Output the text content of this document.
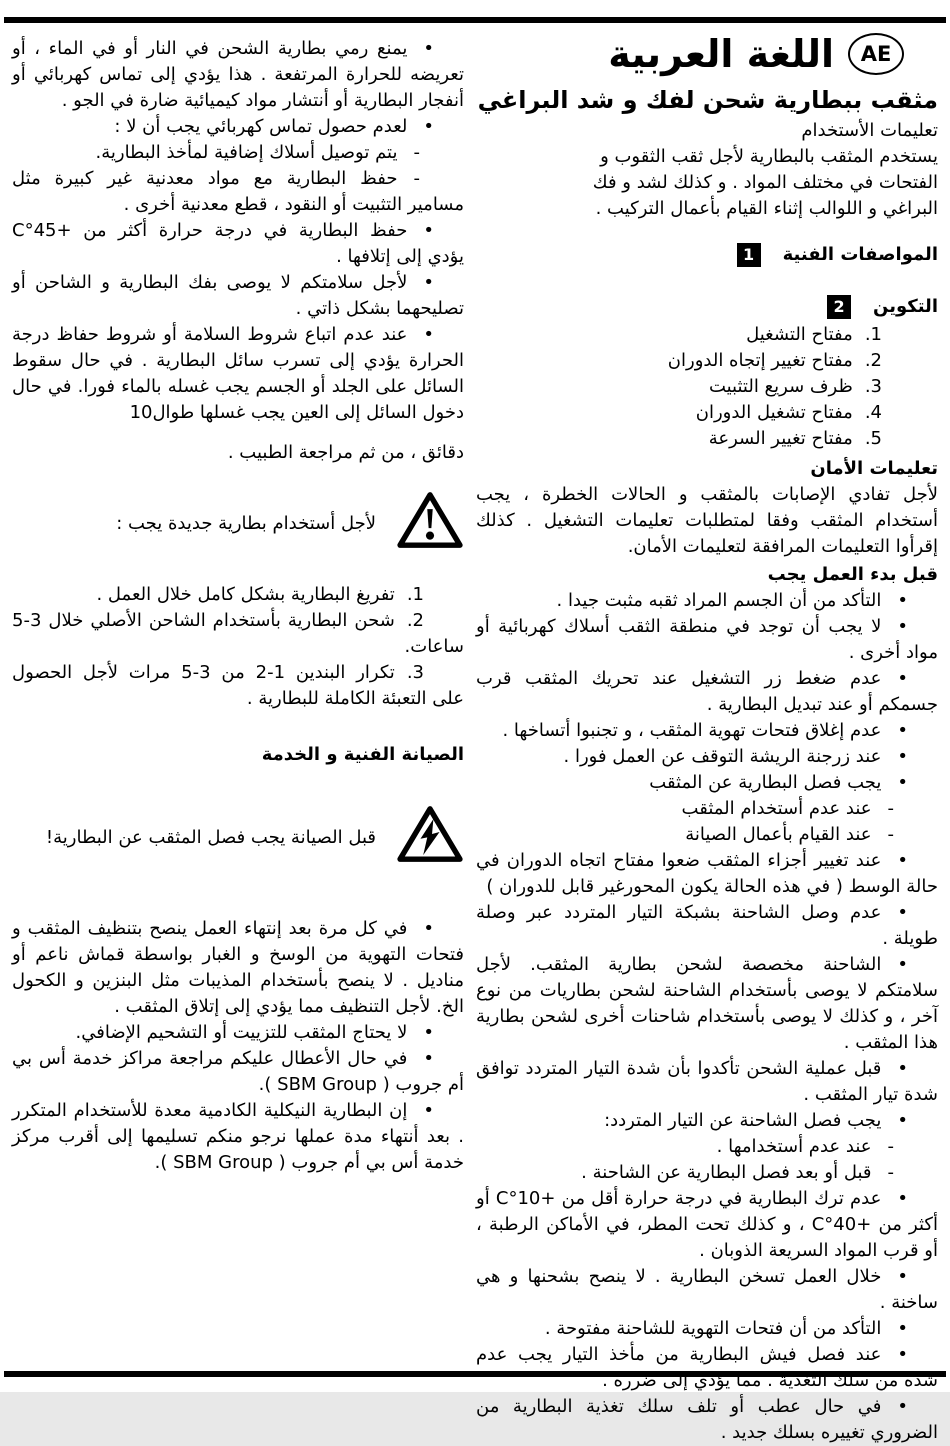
AE
اللغة العربية
مثقب ببطارية شحن لفك و شد البراغي
تعليمات الأستخدام

يستخدم المثقب بالبطارية لأجل ثقب الثقوب و الفتحات في مختلف المواد . و كذلك لشد و فك البراغي و اللوالب إثناء القيام بأعمال التركيب .

المواصفات الفنية
1
التكوين
2
1.مفتاح التشغيل
2.مفتاح تغيير إتجاه الدوران
3.ظرف سريع التثبيت
4.مفتاح تشغيل الدوران
5.مفتاح تغيير السرعة
تعليمات الأمان
لأجل تفادي الإصابات بالمثقب و الحالات الخطرة ، يجب أستخدام المثقب وفقا لمتطلبات تعليمات التشغيل . كذلك إقرأوا التعليمات المرافقة لتعليمات الأمان.
قبل بدء العمل يجب
•التأكد من أن الجسم المراد ثقبه مثبت جيدا .
•لا يجب أن توجد في منطقة الثقب أسلاك كهربائية أو مواد أخرى .
•عدم ضغط زر التشغيل عند تحريك المثقب قرب جسمكم أو عند تبديل البطارية .
•عدم إغلاق فتحات تهوية المثقب ، و تجنبوا أتساخها .
•عند زرجنة الريشة التوقف عن العمل فورا .
•يجب فصل البطارية عن المثقب
-عند عدم أستخدام المثقب
-عند القيام بأعمال الصيانة
•عند تغيير أجزاء المثقب ضعوا مفتاح اتجاه الدوران في حالة الوسط ( في هذه الحالة يكون المحورغير قابل للدوران )
•عدم وصل الشاحنة بشبكة التيار المتردد عبر وصلة طويلة .
•الشاحنة مخصصة لشحن بطارية المثقب. لأجل سلامتكم لا يوصى بأستخدام الشاحنة لشحن بطاريات من نوع آخر ، و كذلك لا يوصى بأستخدام شاحنات أخرى لشحن بطارية هذا المثقب .
•قبل عملية الشحن تأكدوا بأن شدة التيار المتردد توافق شدة تيار المثقب .
•يجب فصل الشاحنة عن التيار المتردد:
-عند عدم أستخدامها .
-قبل أو بعد فصل البطارية عن الشاحنة .
•عدم ترك البطارية في درجة حرارة أقل من +10°C أو أكثر من +40°C ، و كذلك تحت المطر، في الأماكن الرطبة ، أو قرب المواد السريعة الذوبان .
•خلال العمل تسخن البطارية . لا ينصح بشحنها و هي ساخنة .
•التأكد من أن فتحات التهوية للشاحنة مفتوحة .
•عند فصل فيش البطارية من مأخذ التيار يجب عدم شده من سلك التغذية . مما يؤدي إلى ضرره .
•في حال عطب أو تلف سلك تغذية البطارية من الضروري تغييره بسلك جديد .
•يمنع رمي بطارية الشحن في النار أو في الماء ، أو تعريضه للحرارة المرتفعة . هذا يؤدي إلى تماس كهربائي أو أنفجار البطارية أو أنتشار مواد كيميائية ضارة في الجو .
•لعدم حصول تماس كهربائي يجب أن لا :
-يتم توصيل أسلاك إضافية لمأخذ البطارية.
-حفظ البطارية مع مواد معدنية غير كبيرة مثل مسامير التثبيت أو النقود ، قطع معدنية أخرى .
•حفظ البطارية في درجة حرارة أكثر من +45°C يؤدي إلى إتلافها .
•لأجل سلامتكم لا يوصى بفك البطارية و الشاحن أو تصليحهما بشكل ذاتي .
•عند عدم اتباع شروط السلامة أو شروط حفاظ درجة الحرارة يؤدي إلى تسرب سائل البطارية . في حال سقوط السائل على الجلد أو الجسم يجب غسله بالماء فورا. في حال دخول السائل إلى العين يجب غسلها طوال10
دقائق ، من ثم مراجعة الطبيب .
لأجل أستخدام بطارية جديدة يجب :
1.تفريغ البطارية بشكل كامل خلال العمل .
2.شحن البطارية بأستخدام الشاحن الأصلي خلال 3-5 ساعات.
3.تكرار البندين 1-2 من 3-5 مرات لأجل الحصول على التعبئة الكاملة للبطارية .
الصيانة الفنية و الخدمة
قبل الصيانة يجب فصل المثقب عن البطارية!
•في كل مرة بعد إنتهاء العمل ينصح بتنظيف المثقب و فتحات التهوية من الوسخ و الغبار بواسطة قماش ناعم أو مناديل . لا ينصح بأستخدام المذيبات مثل البنزين و الكحول الخ. لأجل التنظيف مما يؤدي إلى إتلاق المثقب .
•لا يحتاج المثقب للتزييت أو التشحيم الإضافي.
•في حال الأعطال عليكم مراجعة مراكز خدمة أس بي أم جروب ( SBM Group ).
•إن البطارية النيكلية الكادمية معدة للأستخدام المتكرر . بعد أنتهاء مدة عملها نرجو منكم تسليمها إلى أقرب مركز خدمة أس بي أم جروب ( SBM Group ).
